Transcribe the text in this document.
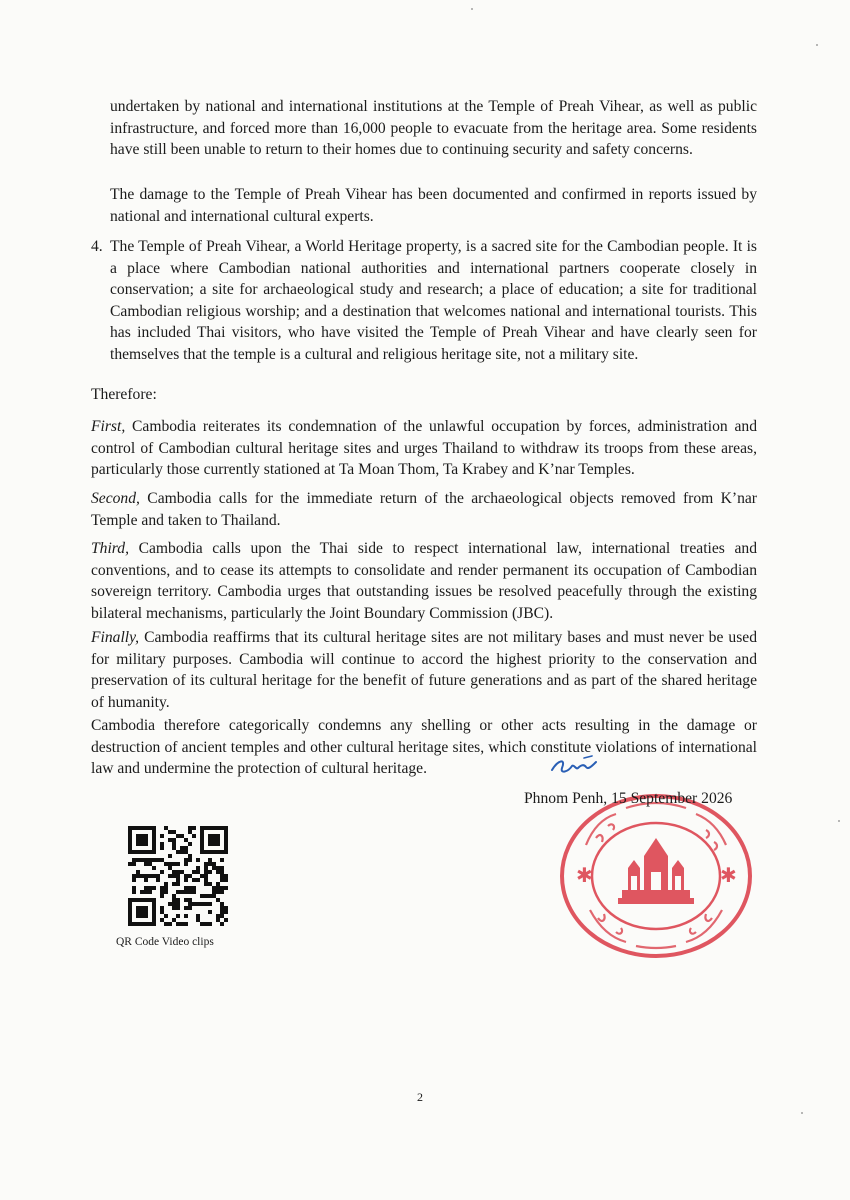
undertaken by national and international institutions at the Temple of Preah Vihear, as well as public infrastructure, and forced more than 16,000 people to evacuate from the heritage area. Some residents have still been unable to return to their homes due to continuing security and safety concerns.

The damage to the Temple of Preah Vihear has been documented and confirmed in reports issued by national and international cultural experts.

4. The Temple of Preah Vihear, a World Heritage property, is a sacred site for the Cambodian people. It is a place where Cambodian national authorities and international partners cooperate closely in conservation; a site for archaeological study and research; a place of education; a site for traditional Cambodian religious worship; and a destination that welcomes national and international tourists. This has included Thai visitors, who have visited the Temple of Preah Vihear and have clearly seen for themselves that the temple is a cultural and religious heritage site, not a military site.

Therefore:

First, Cambodia reiterates its condemnation of the unlawful occupation by forces, administration and control of Cambodian cultural heritage sites and urges Thailand to withdraw its troops from these areas, particularly those currently stationed at Ta Moan Thom, Ta Krabey and K’nar Temples.

Second, Cambodia calls for the immediate return of the archaeological objects removed from K’nar Temple and taken to Thailand.

Third, Cambodia calls upon the Thai side to respect international law, international treaties and conventions, and to cease its attempts to consolidate and render permanent its occupation of Cambodian sovereign territory. Cambodia urges that outstanding issues be resolved peacefully through the existing bilateral mechanisms, particularly the Joint Boundary Commission (JBC).

Finally, Cambodia reaffirms that its cultural heritage sites are not military bases and must never be used for military purposes. Cambodia will continue to accord the highest priority to the conservation and preservation of its cultural heritage for the benefit of future generations and as part of the shared heritage of humanity.

Cambodia therefore categorically condemns any shelling or other acts resulting in the damage or destruction of ancient temples and other cultural heritage sites, which constitute violations of international law and undermine the protection of cultural heritage.

✱	✱
Phnom Penh, 15 September 2026
QR Code Video clips
2
